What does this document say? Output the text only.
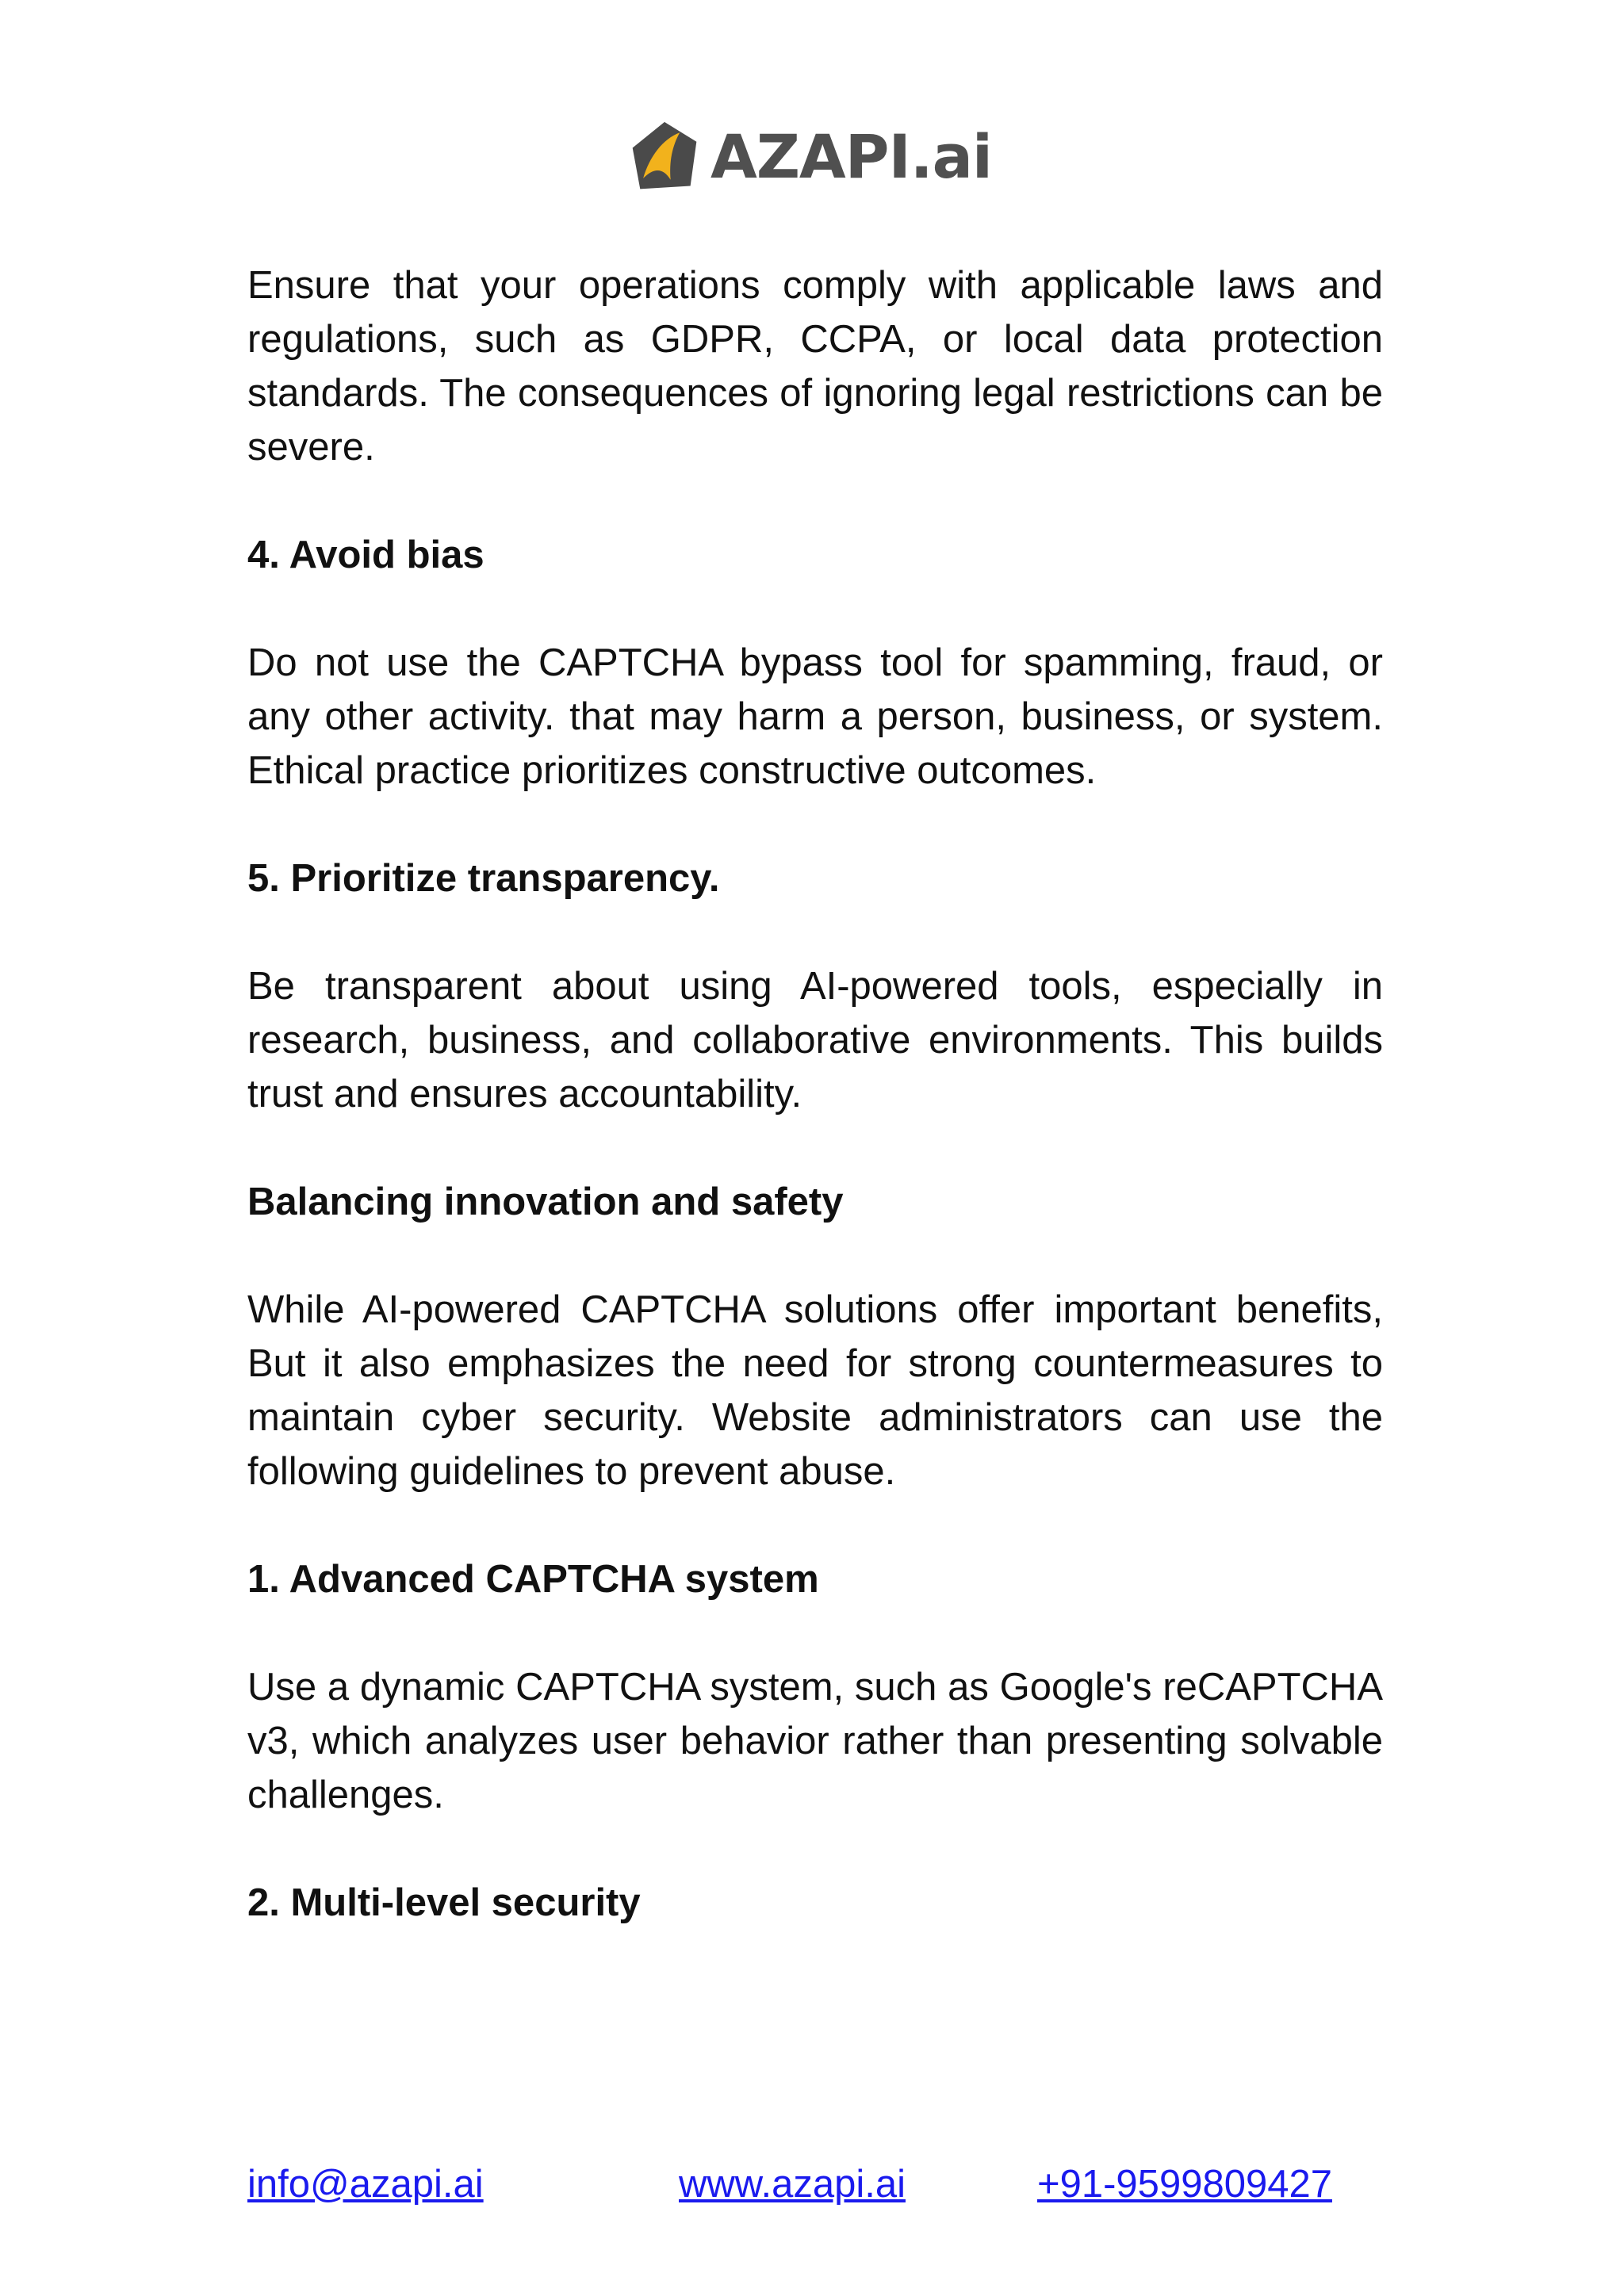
AZAPI.ai

Ensure that your operations comply with applicable laws and regulations, such as GDPR, CCPA, or local data protection standards. The consequences of ignoring legal restrictions can be severe.

4. Avoid bias

Do not use the CAPTCHA bypass tool for spamming, fraud, or any other activity. that may harm a person, business, or system. Ethical practice prioritizes constructive outcomes.

5. Prioritize transparency.

Be transparent about using AI-powered tools, especially in research, business, and collaborative environments. This builds trust and ensures accountability.

Balancing innovation and safety

While AI-powered CAPTCHA solutions offer important benefits, But it also emphasizes the need for strong countermeasures to maintain cyber security. Website administrators can use the following guidelines to prevent abuse.

1. Advanced CAPTCHA system

Use a dynamic CAPTCHA system, such as Google's reCAPTCHA v3, which analyzes user behavior rather than presenting solvable challenges.

2. Multi-level security
info@azapi.ai	www.azapi.ai	+91-9599809427
